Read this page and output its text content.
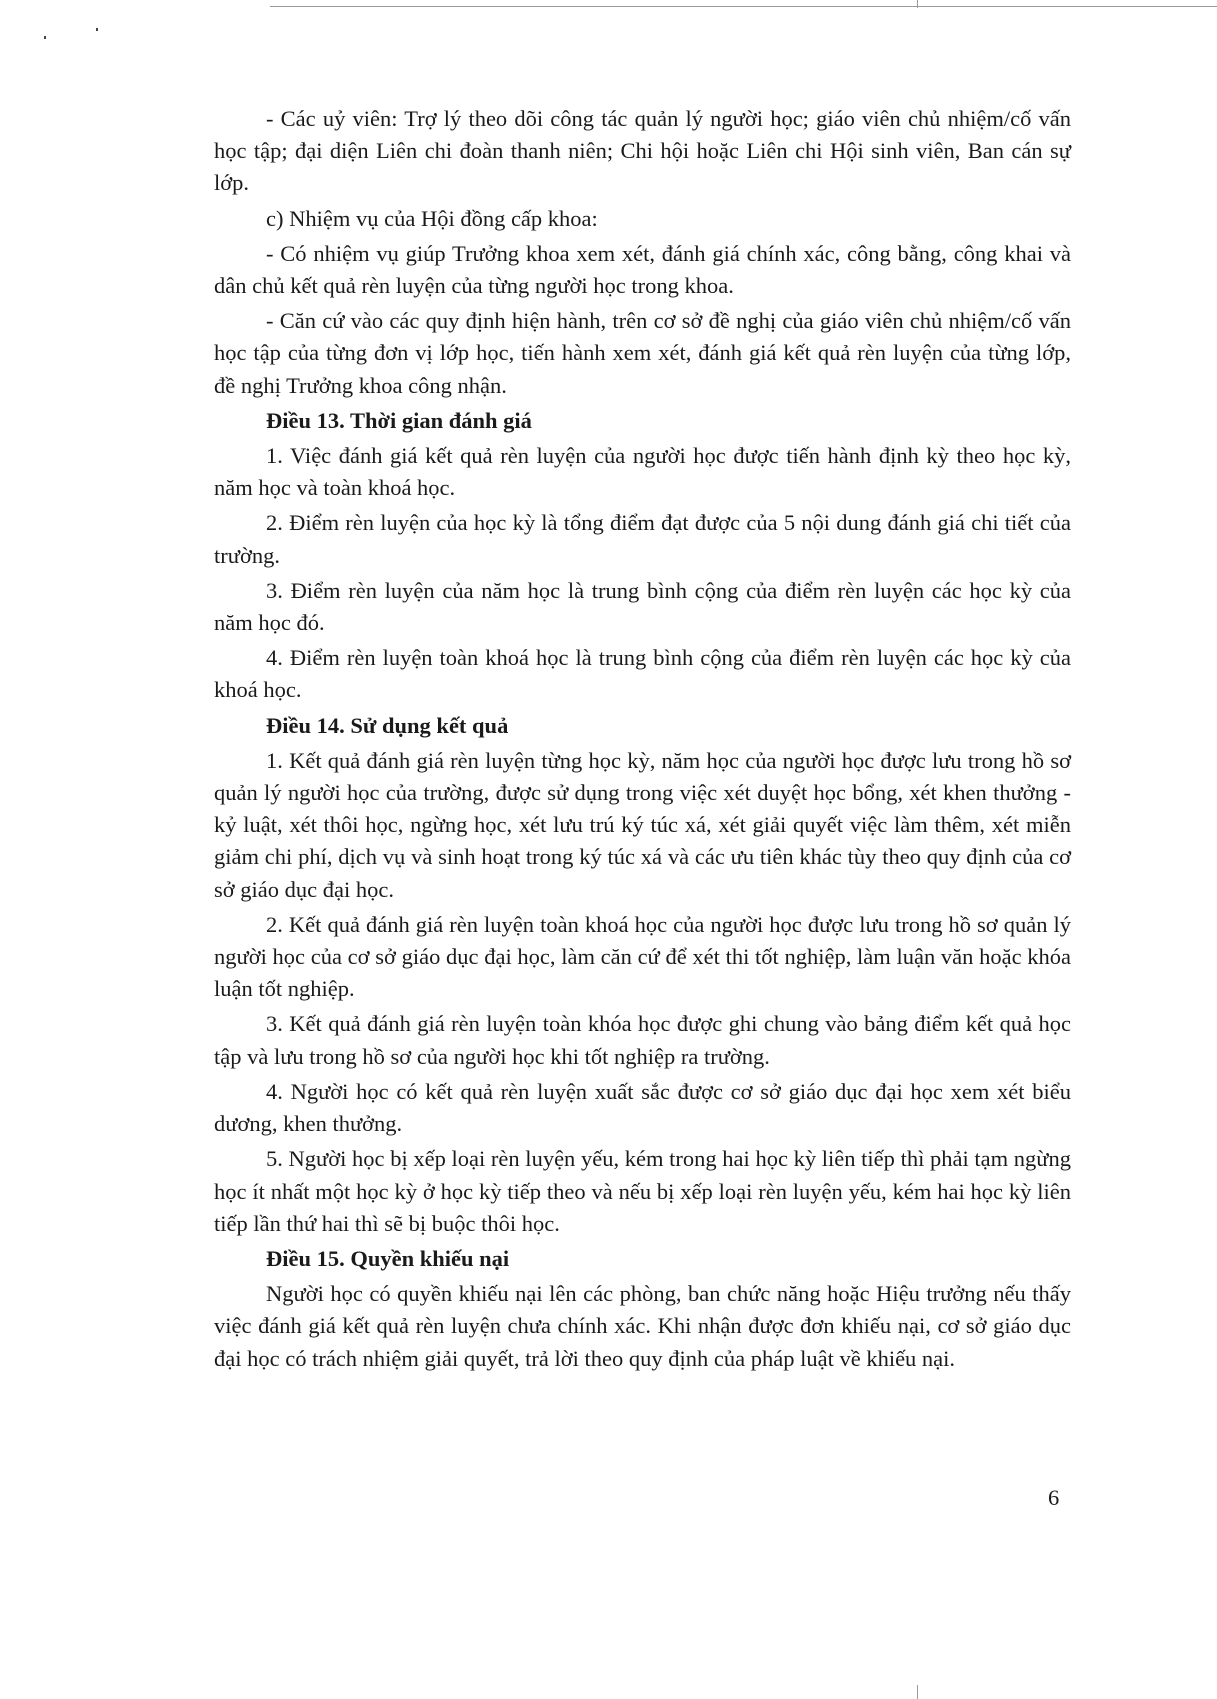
- Các uỷ viên: Trợ lý theo dõi công tác quản lý người học; giáo viên chủ nhiệm/cố vấn học tập; đại diện Liên chi đoàn thanh niên; Chi hội hoặc Liên chi Hội sinh viên, Ban cán sự lớp.

c) Nhiệm vụ của Hội đồng cấp khoa:

- Có nhiệm vụ giúp Trưởng khoa xem xét, đánh giá chính xác, công bằng, công khai và dân chủ kết quả rèn luyện của từng người học trong khoa.

- Căn cứ vào các quy định hiện hành, trên cơ sở đề nghị của giáo viên chủ nhiệm/cố vấn học tập của từng đơn vị lớp học, tiến hành xem xét, đánh giá kết quả rèn luyện của từng lớp, đề nghị Trưởng khoa công nhận.

Điều 13. Thời gian đánh giá

1. Việc đánh giá kết quả rèn luyện của người học được tiến hành định kỳ theo học kỳ, năm học và toàn khoá học.

2. Điểm rèn luyện của học kỳ là tổng điểm đạt được của 5 nội dung đánh giá chi tiết của trường.

3. Điểm rèn luyện của năm học là trung bình cộng của điểm rèn luyện các học kỳ của năm học đó.

4. Điểm rèn luyện toàn khoá học là trung bình cộng của điểm rèn luyện các học kỳ của khoá học.

Điều 14. Sử dụng kết quả

1. Kết quả đánh giá rèn luyện từng học kỳ, năm học của người học được lưu trong hồ sơ quản lý người học của trường, được sử dụng trong việc xét duyệt học bổng, xét khen thưởng - kỷ luật, xét thôi học, ngừng học, xét lưu trú ký túc xá, xét giải quyết việc làm thêm, xét miễn giảm chi phí, dịch vụ và sinh hoạt trong ký túc xá và các ưu tiên khác tùy theo quy định của cơ sở giáo dục đại học.

2. Kết quả đánh giá rèn luyện toàn khoá học của người học được lưu trong hồ sơ quản lý người học của cơ sở giáo dục đại học, làm căn cứ để xét thi tốt nghiệp, làm luận văn hoặc khóa luận tốt nghiệp.

3. Kết quả đánh giá rèn luyện toàn khóa học được ghi chung vào bảng điểm kết quả học tập và lưu trong hồ sơ của người học khi tốt nghiệp ra trường.

4. Người học có kết quả rèn luyện xuất sắc được cơ sở giáo dục đại học xem xét biểu dương, khen thưởng.

5. Người học bị xếp loại rèn luyện yếu, kém trong hai học kỳ liên tiếp thì phải tạm ngừng học ít nhất một học kỳ ở học kỳ tiếp theo và nếu bị xếp loại rèn luyện yếu, kém hai học kỳ liên tiếp lần thứ hai thì sẽ bị buộc thôi học.

Điều 15. Quyền khiếu nại

Người học có quyền khiếu nại lên các phòng, ban chức năng hoặc Hiệu trưởng nếu thấy việc đánh giá kết quả rèn luyện chưa chính xác. Khi nhận được đơn khiếu nại, cơ sở giáo dục đại học có trách nhiệm giải quyết, trả lời theo quy định của pháp luật về khiếu nại.

6
